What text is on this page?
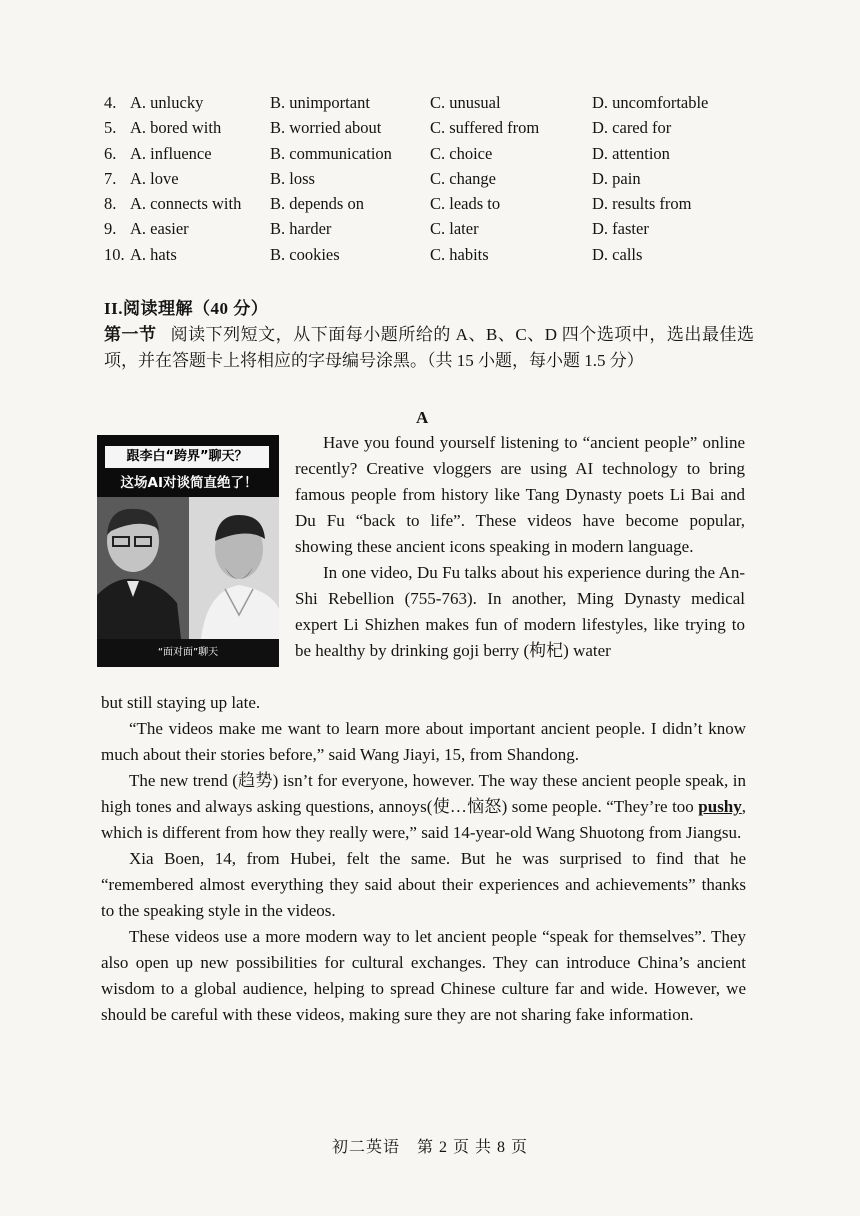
4. A. unlucky	B. unimportant	C. unusual	D. uncomfortable
5. A. bored with	B. worried about	C. suffered from	D. cared for
6. A. influence	B. communication C. choice	D. attention
7. A. love	B. loss	C. change	D. pain
8. A. connects with B. depends on	C. leads to	D. results from
9. A. easier	B. harder	C. later	D. faster
10. A. hats	B. cookies	C. habits	D. calls
II.阅读理解（40 分）
第一节 阅读下列短文，从下面每小题所给的 A、B、C、D 四个选项中，选出最佳选项，并在答题卡上将相应的字母编号涂黑。（共 15 小题，每小题 1.5 分）
A
跟李白“跨界”聊天？
这场AI对谈简直绝了！
“面对面”聊天

Have you found yourself listening to “ancient people” online recently? Creative vloggers are using AI technology to bring famous people from history like Tang Dynasty poets Li Bai and Du Fu “back to life”. These videos have become popular, showing these ancient icons speaking in modern language.

In one video, Du Fu talks about his experience during the An-Shi Rebellion (755-763). In another, Ming Dynasty medical expert Li Shizhen makes fun of modern lifestyles, like trying to be healthy by drinking goji berry (枸杞) water

but still staying up late.

“The videos make me want to learn more about important ancient people. I didn’t know much about their stories before,” said Wang Jiayi, 15, from Shandong.

The new trend (趋势) isn’t for everyone, however. The way these ancient people speak, in high tones and always asking questions, annoys(使…恼怒) some people. “They’re too pushy, which is different from how they really were,” said 14-year-old Wang Shuotong from Jiangsu.

Xia Boen, 14, from Hubei, felt the same. But he was surprised to find that he “remembered almost everything they said about their experiences and achievements” thanks to the speaking style in the videos.

These videos use a more modern way to let ancient people “speak for themselves”. They also open up new possibilities for cultural exchanges. They can introduce China’s ancient wisdom to a global audience, helping to spread Chinese culture far and wide. However, we should be careful with these videos, making sure they are not sharing fake information.

初二英语　第 2 页 共 8 页
